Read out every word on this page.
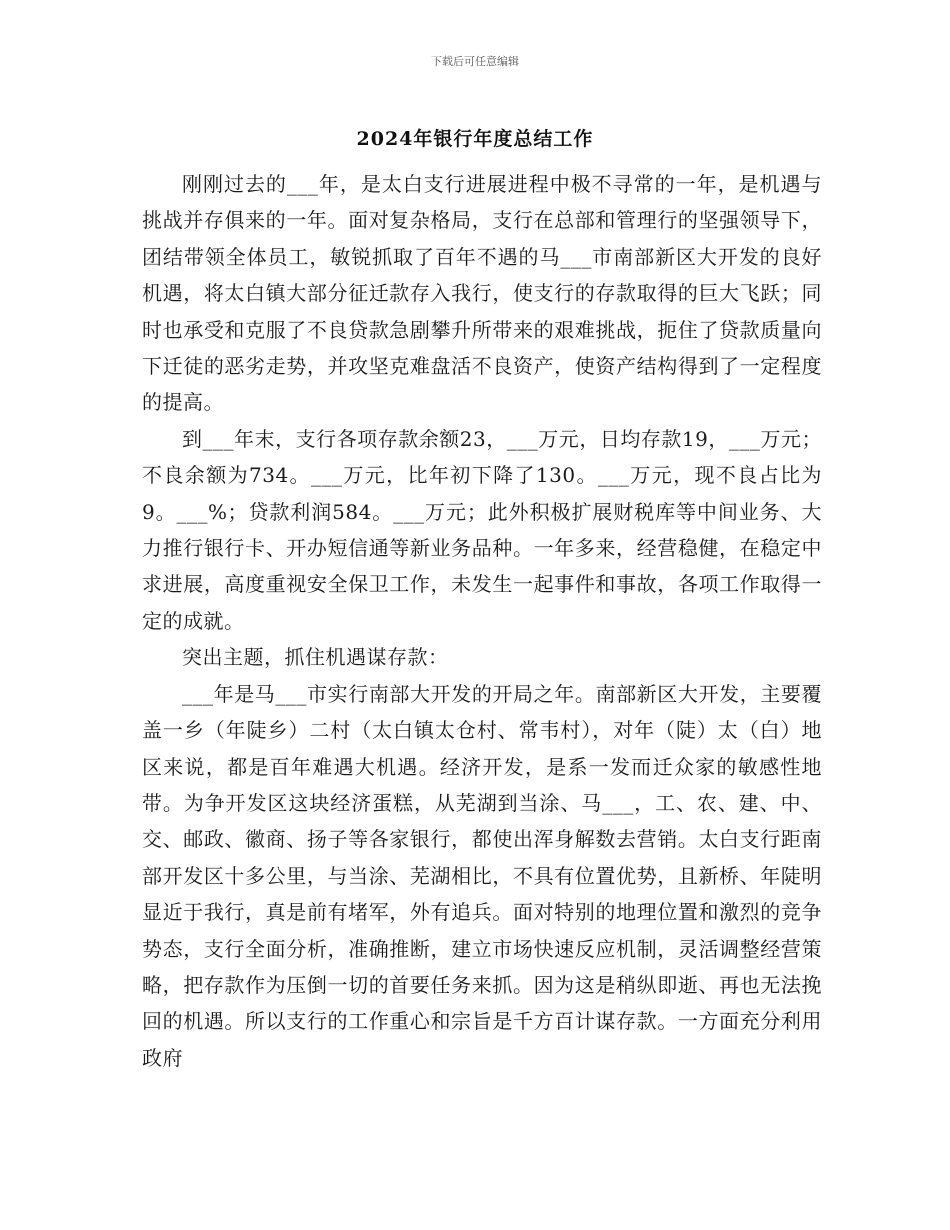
下载后可任意编辑
2024年银行年度总结工作

刚刚过去的___年，是太白支行进展进程中极不寻常的一年，是机遇与挑战并存俱来的一年。面对复杂格局，支行在总部和管理行的坚强领导下，团结带领全体员工，敏锐抓取了百年不遇的马___市南部新区大开发的良好机遇，将太白镇大部分征迁款存入我行，使支行的存款取得的巨大飞跃；同时也承受和克服了不良贷款急剧攀升所带来的艰难挑战，扼住了贷款质量向下迁徒的恶劣走势，并攻坚克难盘活不良资产，使资产结构得到了一定程度的提高。

到___年末，支行各项存款余额23，___万元，日均存款19，___万元；不良余额为734。___万元，比年初下降了130。___万元，现不良占比为9。___%；贷款利润584。___万元；此外积极扩展财税库等中间业务、大力推行银行卡、开办短信通等新业务品种。一年多来，经营稳健，在稳定中求进展，高度重视安全保卫工作，未发生一起事件和事故，各项工作取得一定的成就。

突出主题，抓住机遇谋存款：

___年是马___市实行南部大开发的开局之年。南部新区大开发，主要覆盖一乡（年陡乡）二村（太白镇太仓村、常韦村），对年（陡）太（白）地区来说，都是百年难遇大机遇。经济开发，是系一发而迁众家的敏感性地带。为争开发区这块经济蛋糕，从芜湖到当涂、马___，工、农、建、中、交、邮政、徽商、扬子等各家银行，都使出浑身解数去营销。太白支行距南部开发区十多公里，与当涂、芜湖相比，不具有位置优势，且新桥、年陡明显近于我行，真是前有堵军，外有追兵。面对特别的地理位置和激烈的竞争势态，支行全面分析，准确推断，建立市场快速反应机制，灵活调整经营策略，把存款作为压倒一切的首要任务来抓。因为这是稍纵即逝、再也无法挽回的机遇。所以支行的工作重心和宗旨是千方百计谋存款。一方面充分利用政府
